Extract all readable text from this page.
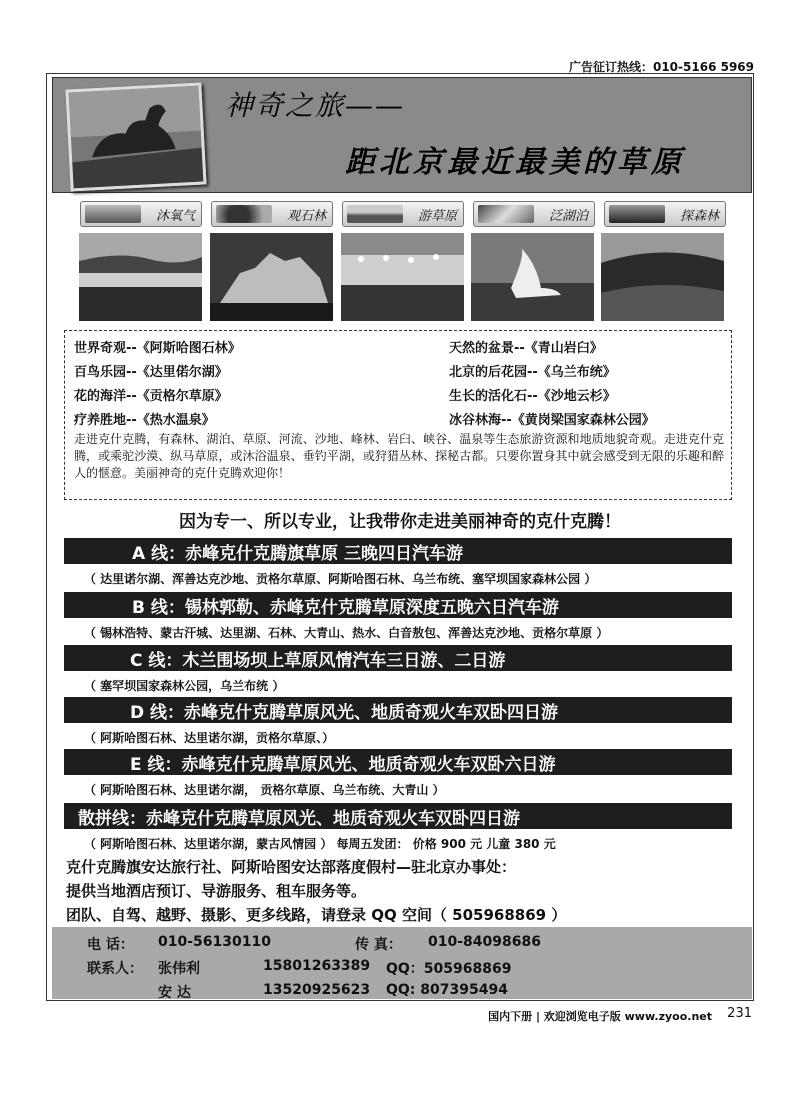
广告征订热线：010-5166 5969
神奇之旅——
距北京最近最美的草原
沐氧气	观石林	游草原	泛湖泊	探森林
世界奇观--《阿斯哈图石林》	天然的盆景--《青山岩臼》
百鸟乐园--《达里偌尔湖》	北京的后花园--《乌兰布统》
花的海洋--《贡格尔草原》	生长的活化石--《沙地云杉》
疗养胜地--《热水温泉》	冰谷林海--《黄岗梁国家森林公园》
走进克什克腾，有森林、湖泊、草原、河流、沙地、峰林、岩臼、峡谷、温泉等生态旅游资源和地质地貌奇观。走进克什克腾，或乘驼沙漠、纵马草原，或沐浴温泉、垂钓平湖，或狩猎丛林、探秘古都。只要你置身其中就会感受到无限的乐趣和醉人的惬意。美丽神奇的克什克腾欢迎你！
因为专一、所以专业，让我带你走进美丽神奇的克什克腾！
A 线：赤峰克什克腾旗草原 三晚四日汽车游
（ 达里诺尔湖、浑善达克沙地、贡格尔草原、阿斯哈图石林、乌兰布统、塞罕坝国家森林公园 ）
B 线：锡林郭勒、赤峰克什克腾草原深度五晚六日汽车游
（ 锡林浩特、蒙古汗城、达里湖、石林、大青山、热水、白音敖包、浑善达克沙地、贡格尔草原 ）
C 线：木兰围场坝上草原风情汽车三日游、二日游
（ 塞罕坝国家森林公园，乌兰布统 ）
D 线：赤峰克什克腾草原风光、地质奇观火车双卧四日游
（ 阿斯哈图石林、达里诺尔湖，贡格尔草原、）
E 线：赤峰克什克腾草原风光、地质奇观火车双卧六日游
（ 阿斯哈图石林、达里诺尔湖， 贡格尔草原、乌兰布统、大青山 ）
散拼线：赤峰克什克腾草原风光、地质奇观火车双卧四日游
（ 阿斯哈图石林、达里诺尔湖，蒙古风情园 ） 每周五发团： 价格 900 元 儿童 380 元
克什克腾旗安达旅行社、阿斯哈图安达部落度假村—驻北京办事处：
提供当地酒店预订、导游服务、租车服务等。
团队、自驾、越野、摄影、更多线路，请登录 QQ 空间（ 505968869 ）
电 话： 010-56130110	传 真： 010-84098686
联系人： 张伟利	15801263389 QQ：505968869
安 达	13520925623 QQ: 807395494
国内下册 | 欢迎浏览电子版 www.zyoo.net 231
